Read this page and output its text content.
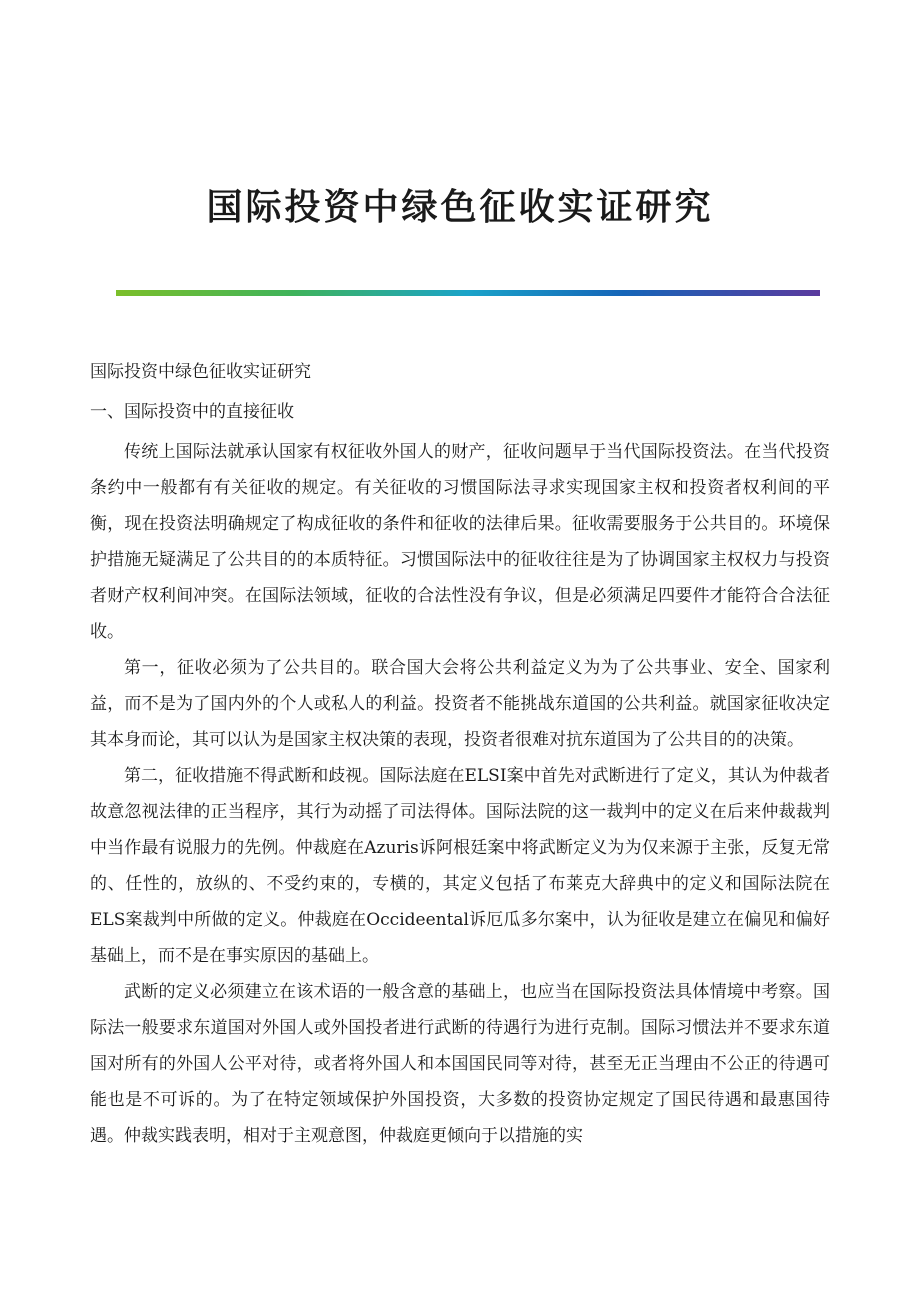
国际投资中绿色征收实证研究

国际投资中绿色征收实证研究

一、国际投资中的直接征收

传统上国际法就承认国家有权征收外国人的财产，征收问题早于当代国际投资法。在当代投资条约中一般都有有关征收的规定。有关征收的习惯国际法寻求实现国家主权和投资者权利间的平衡，现在投资法明确规定了构成征收的条件和征收的法律后果。征收需要服务于公共目的。环境保护措施无疑满足了公共目的的本质特征。习惯国际法中的征收往往是为了协调国家主权权力与投资者财产权利间冲突。在国际法领域，征收的合法性没有争议，但是必须满足四要件才能符合合法征收。

第一，征收必须为了公共目的。联合国大会将公共利益定义为为了公共事业、安全、国家利益，而不是为了国内外的个人或私人的利益。投资者不能挑战东道国的公共利益。就国家征收决定其本身而论，其可以认为是国家主权决策的表现，投资者很难对抗东道国为了公共目的的决策。

第二，征收措施不得武断和歧视。国际法庭在ELSI案中首先对武断进行了定义，其认为仲裁者故意忽视法律的正当程序，其行为动摇了司法得体。国际法院的这一裁判中的定义在后来仲裁裁判中当作最有说服力的先例。仲裁庭在Azuris诉阿根廷案中将武断定义为为仅来源于主张，反复无常的、任性的，放纵的、不受约束的，专横的，其定义包括了布莱克大辞典中的定义和国际法院在ELS案裁判中所做的定义。仲裁庭在Occideental诉厄瓜多尔案中，认为征收是建立在偏见和偏好基础上，而不是在事实原因的基础上。

武断的定义必须建立在该术语的一般含意的基础上，也应当在国际投资法具体情境中考察。国际法一般要求东道国对外国人或外国投者进行武断的待遇行为进行克制。国际习惯法并不要求东道国对所有的外国人公平对待，或者将外国人和本国国民同等对待，甚至无正当理由不公正的待遇可能也是不可诉的。为了在特定领域保护外国投资，大多数的投资协定规定了国民待遇和最惠国待遇。仲裁实践表明，相对于主观意图，仲裁庭更倾向于以措施的实
